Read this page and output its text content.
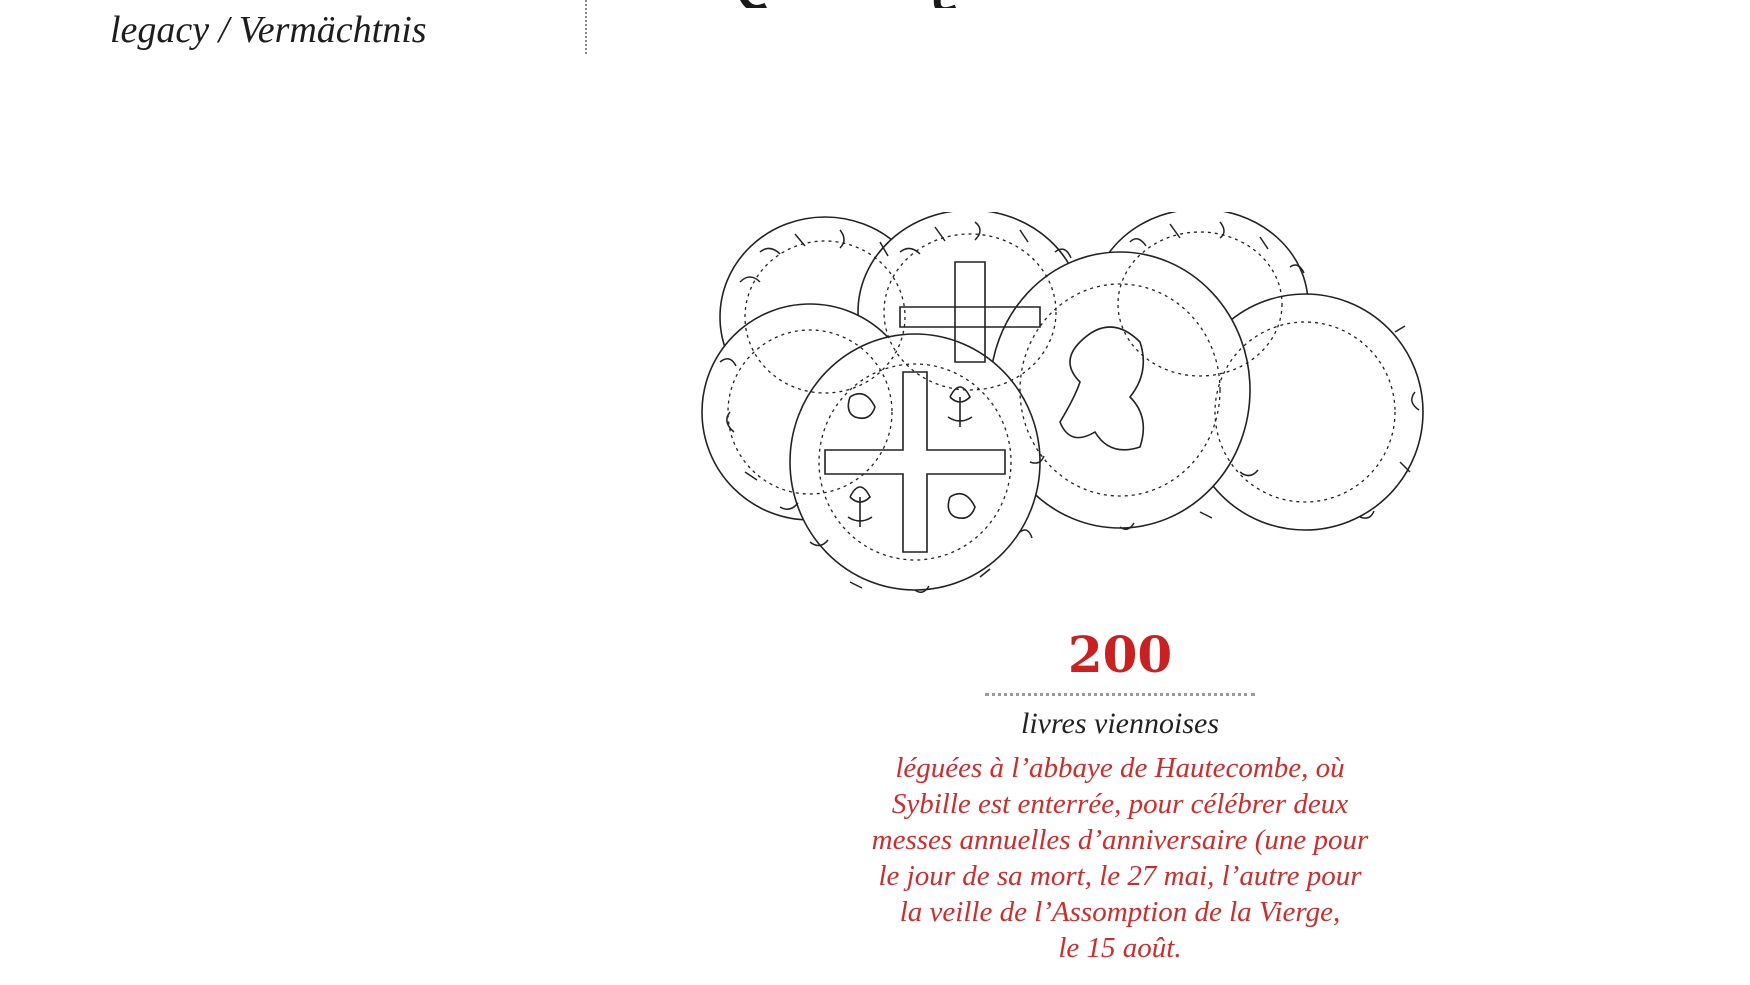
legacy / Vermächtnis
200
livres viennoises
léguées à l’abbaye de Hautecombe, où
Sybille est enterrée, pour célébrer deux
messes annuelles d’anniversaire (une pour
le jour de sa mort, le 27 mai, l’autre pour
la veille de l’Assomption de la Vierge,
le 15 août.
